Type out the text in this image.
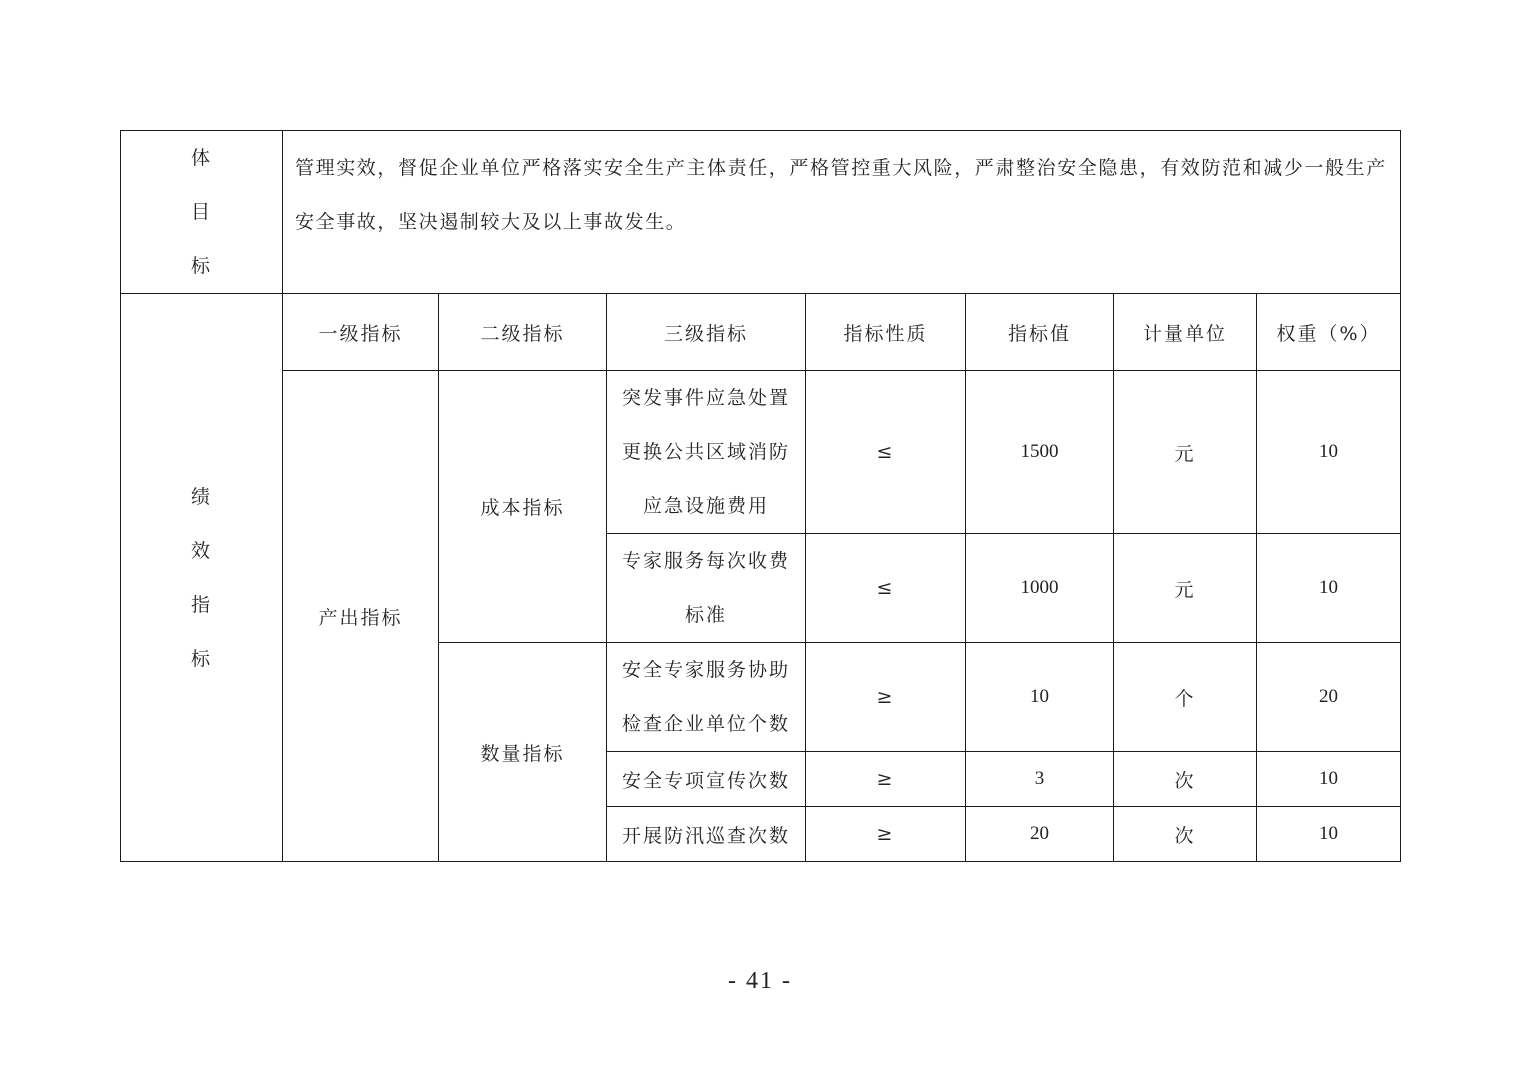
体
目
标	管理实效，督促企业单位严格落实安全生产主体责任，严格管控重大风险，严肃整治安全隐患，有效防范和减少一般生产安全事故，坚决遏制较大及以上事故发生。						

绩
效
指
标	一级指标	二级指标	三级指标	指标性质	指标值	计量单位	权重（%）
	产出指标	成本指标	突发事件应急处置更换公共区域消防应急设施费用	≤	1500	元	10
			专家服务每次收费标准	≤	1000	元	10
		数量指标	安全专家服务协助检查企业单位个数	≥	10	个	20
			安全专项宣传次数	≥	3	次	10
			开展防汛巡查次数	≥	20	次	10
- 41 -
